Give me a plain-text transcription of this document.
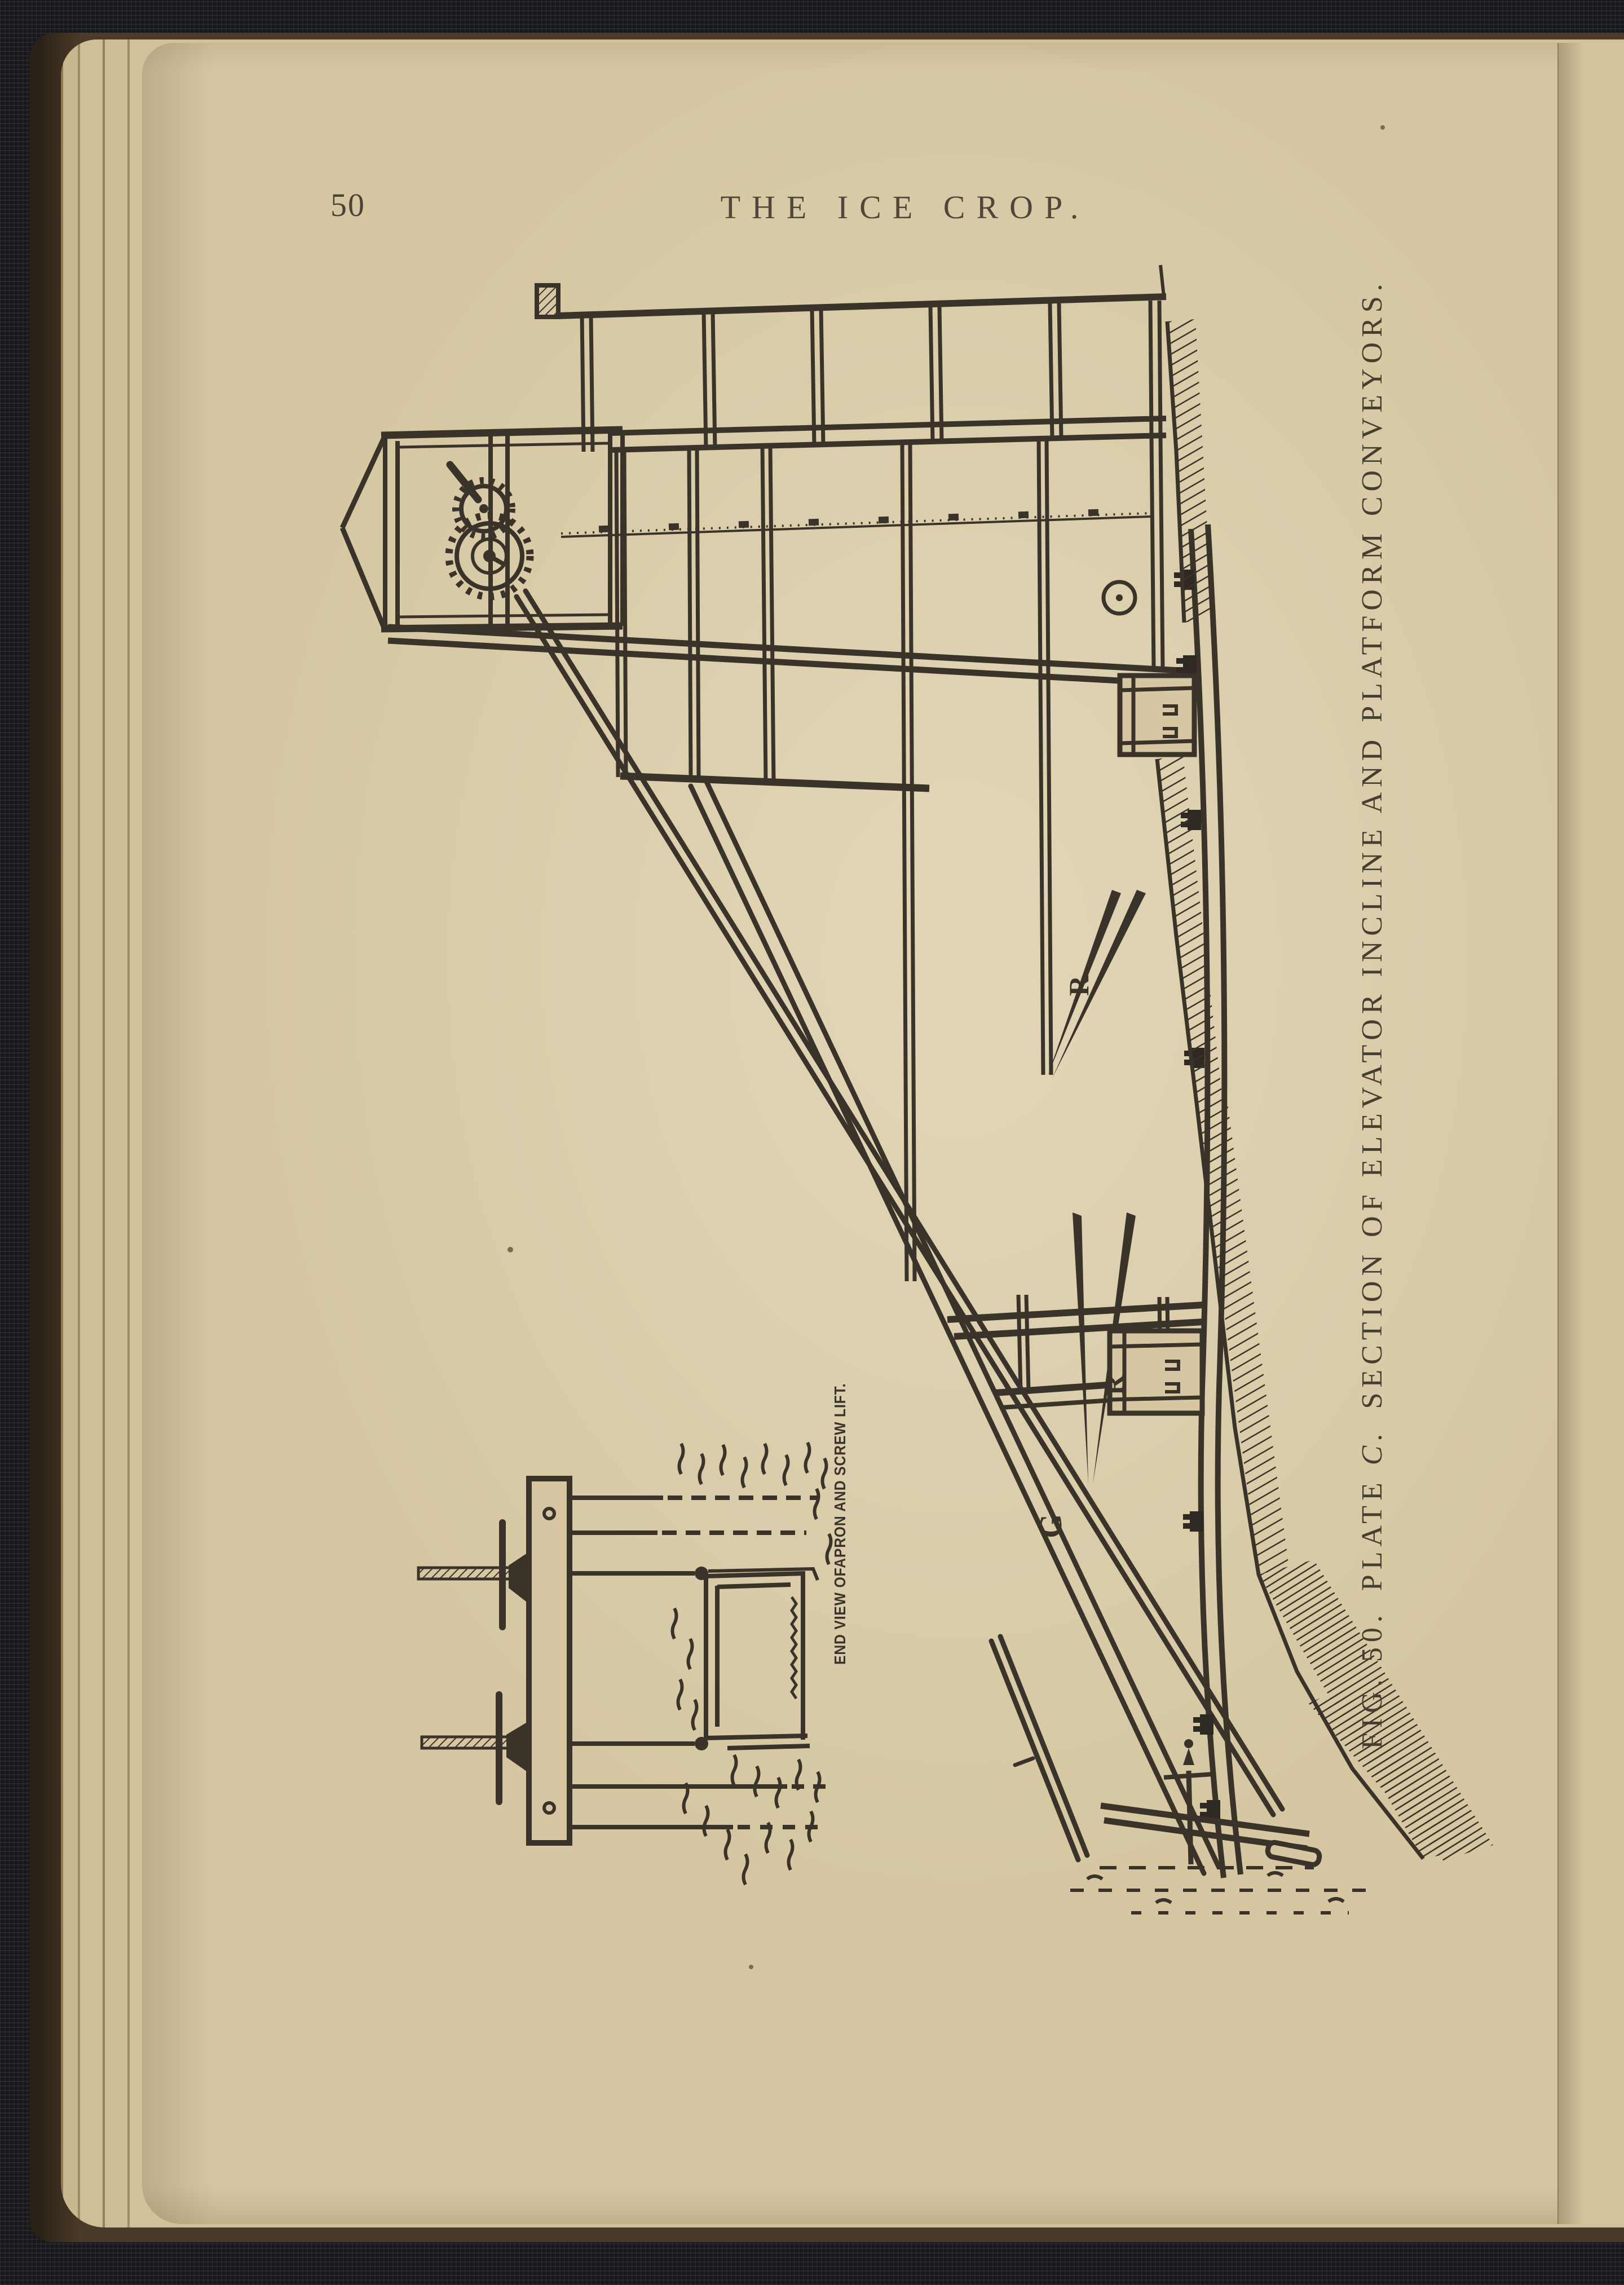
50	THE ICE CROP.
R
R
G
FIG. 50.PLATE C.SECTION OF ELEVATOR INCLINE AND PLATFORM CONVEYORS.
END VIEW OFAPRON AND SCREW LIFT.
